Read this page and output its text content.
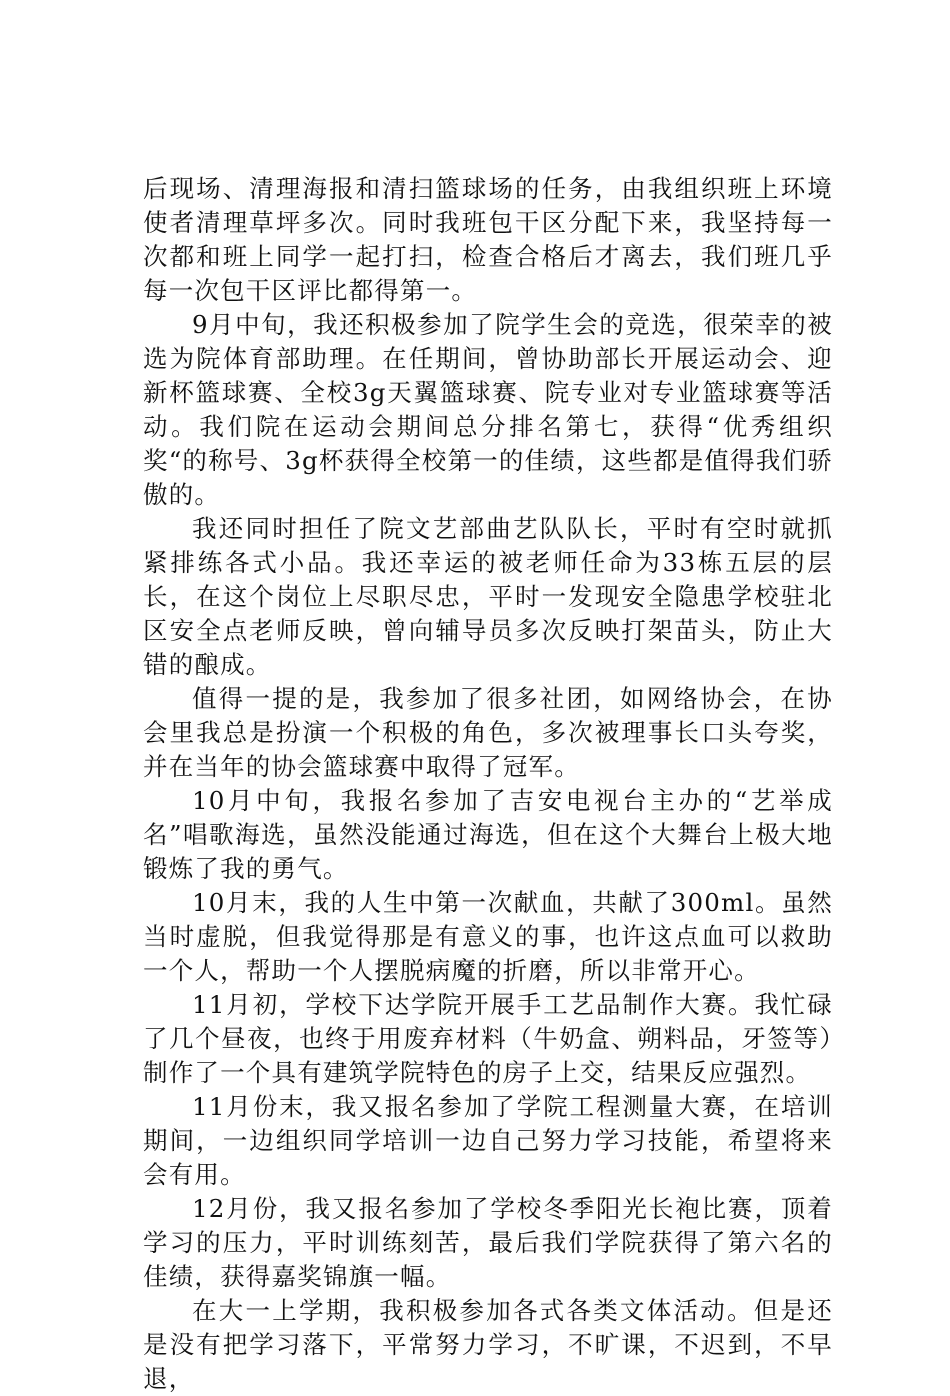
后现场、清理海报和清扫篮球场的任务，由我组织班上环境使者清理草坪多次。同时我班包干区分配下来，我坚持每一次都和班上同学一起打扫，检查合格后才离去，我们班几乎每一次包干区评比都得第一。

9月中旬，我还积极参加了院学生会的竞选，很荣幸的被选为院体育部助理。在任期间，曾协助部长开展运动会、迎新杯篮球赛、全校3g天翼篮球赛、院专业对专业篮球赛等活动。我们院在运动会期间总分排名第七，获得“优秀组织奖“的称号、3g杯获得全校第一的佳绩，这些都是值得我们骄傲的。

我还同时担任了院文艺部曲艺队队长，平时有空时就抓紧排练各式小品。我还幸运的被老师任命为33栋五层的层长，在这个岗位上尽职尽忠，平时一发现安全隐患学校驻北区安全点老师反映，曾向辅导员多次反映打架苗头，防止大错的酿成。

值得一提的是，我参加了很多社团，如网络协会，在协会里我总是扮演一个积极的角色，多次被理事长口头夸奖，并在当年的协会篮球赛中取得了冠军。

10月中旬，我报名参加了吉安电视台主办的“艺举成名”唱歌海选，虽然没能通过海选，但在这个大舞台上极大地锻炼了我的勇气。

10月末，我的人生中第一次献血，共献了300ml。虽然当时虚脱，但我觉得那是有意义的事，也许这点血可以救助一个人，帮助一个人摆脱病魔的折磨，所以非常开心。

11月初，学校下达学院开展手工艺品制作大赛。我忙碌了几个昼夜，也终于用废弃材料（牛奶盒、朔料品，牙签等）制作了一个具有建筑学院特色的房子上交，结果反应强烈。

11月份末，我又报名参加了学院工程测量大赛，在培训期间，一边组织同学培训一边自己努力学习技能，希望将来会有用。

12月份，我又报名参加了学校冬季阳光长袍比赛，顶着学习的压力，平时训练刻苦，最后我们学院获得了第六名的佳绩，获得嘉奖锦旗一幅。

在大一上学期，我积极参加各式各类文体活动。但是还是没有把学习落下，平常努力学习，不旷课，不迟到，不早退，
